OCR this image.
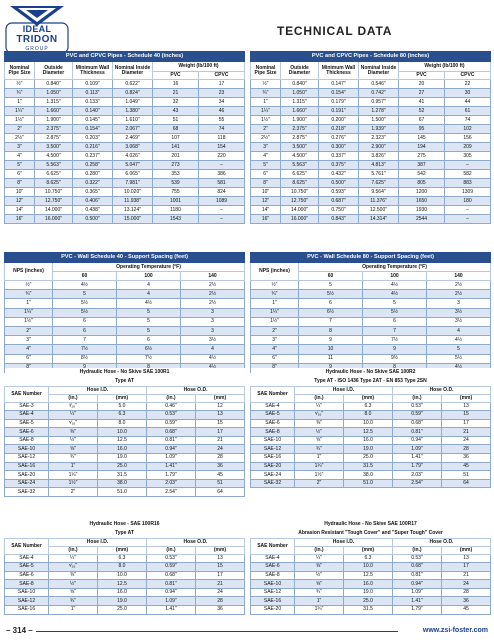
IDEAL
TRIDON
GROUP
TECHNICAL DATA
PVC and CPVC Pipes - Schedule 40 (inches)					
Nominal Pipe Size	Outside Diameter	Minimum Wall Thickness	Nominal Inside Diameter	Weight (lb/100 ft)	
				PVC	CPVC
½"	0.840"	0.109"	0.622"	16	17
¾"	1.050"	0.113"	0.824"	21	23
1"	1.315"	0.133"	1.049"	32	34
1¼"	1.660"	0.140"	1.380"	43	46
1½"	1.900"	0.145"	1.610"	51	55
2"	2.375"	0.154"	2.067"	68	74
2½"	2.875"	0.203"	2.469"	107	118
3"	3.500"	0.216"	3.068"	141	154
4"	4.500"	0.237"	4.026"	201	220
5"	5.563"	0.258"	5.047"	273	–
6"	6.625"	0.280"	6.065"	353	386
8"	8.625"	0.322"	7.981"	539	581
10"	10.750"	0.365"	10.020"	755	824
12"	12.750"	0.406"	11.938"	1001	1089
14"	14.000"	0.438"	13.124"	1180	–
16"	16.000"	0.500"	15.000"	1543	–
PVC and CPVC Pipes - Schedule 80 (inches)					
Nominal Pipe Size	Outside Diameter	Minimum Wall Thickness	Nominal Inside Diameter	Weight (lb/100 ft)	
				PVC	CPVC
½"	0.840"	0.147"	0.546"	20	22
¾"	1.050"	0.154"	0.742"	27	30
1"	1.315"	0.179"	0.957"	41	44
1¼"	1.660"	0.191"	1.278"	52	61
1½"	1.900"	0.200"	1.500"	67	74
2"	2.375"	0.218"	1.939"	95	102
2½"	2.875"	0.276"	2.323"	145	156
3"	3.500"	0.300"	2.900"	194	209
4"	4.500"	0.337"	3.826"	275	305
5"	5.563"	0.375"	4.813"	387	–
6"	6.625"	0.432"	5.761"	542	582
8"	8.625"	0.500"	7.625"	805	883
10"	10.750"	0.593"	9.564"	1200	1309
12"	12.750"	0.687"	11.376"	1650	180
14"	14.000"	0.750"	12.500"	1930	–
16"	16.000"	0.843"	14.314"	2544	–
PVC - Wall Schedule 40 - Support Spacing (feet)			
NPS (inches)	Operating Temperature (°F)		
	60	100	140
½"	4½	4	2½
¾"	5	4	2½
1"	5½	4½	2½
1¼"	5½	5	3
1½"	6	5	3
2"	6	5	3
3"	7	6	3½
4"	7½	6½	4
6"	8½	7½	4½

PVC - Wall Schedule 80 - Support Spacing (feet)			
NPS (inches)	Operating Temperature (°F)		
	60	100	140
½"	5	4½	2½
¾"	5½	4½	2½
1"	6	5	3
1¼"	6½	5½	3½
1½"	7	6	3½
2"	8	7	4
3"	9	7½	4½
4"	10	9	5
6"	11	9½	5½

Hydraulic Hose - No Skive SAE 100R1				
Type AT				
SAE Number	Hose I.D.		Hose O.D.	
	(in.)	(mm)	(in.)	(mm)
SAE-3	³⁄₁₆"	5.0	0.46"	12
SAE-4	¼"	6.3	0.53"	13
SAE-5	⁵⁄₁₆"	8.0	0.59"	15
SAE-6	⅜"	10.0	0.68"	17
SAE-8	½"	12.5	0.81"	21
SAE-10	⅝"	16.0	0.94"	24
SAE-12	¾"	19.0	1.09"	28
SAE-16	1"	25.0	1.41"	36
SAE-20	1¼"	31.5	1.79"	45
SAE-24	1½"	38.0	2.03"	51
SAE-32	2"	51.0	2.54"	64
Hydraulic Hose - No Skive SAE 100R2				
Type AT - ISO 1436 Type 2AT - EN 853 Type 2SN				
SAE Number	Hose I.D.		Hose O.D.	
	(in.)	(mm)	(in.)	(mm)
SAE-4	¼"	6.3	0.53"	13
SAE-5	⁵⁄₁₆"	8.0	0.59"	15
SAE-6	⅜"	10.0	0.68"	17
SAE-8	½"	12.5	0.81"	21
SAE-10	⅝"	16.0	0.94"	24
SAE-12	¾"	19.0	1.09"	28
SAE-16	1"	25.0	1.41"	36
SAE-20	1¼"	31.5	1.79"	45
SAE-24	1½"	38.0	2.03"	51
SAE-32	2"	51.0	2.54"	64
Hydraulic Hose - SAE 100R16				
Type AT				
SAE Number	Hose I.D.		Hose O.D.	
	(in.)	(mm)	(in.)	(mm)
SAE-4	¼"	6.3	0.53"	13
SAE-5	⁵⁄₁₆"	8.0	0.59"	15
SAE-6	⅜"	10.0	0.68"	17
SAE-8	½"	12.5	0.81"	21
SAE-10	⅝"	16.0	0.94"	24
SAE-12	¾"	19.0	1.09"	28
SAE-16	1"	25.0	1.41"	36
Hydraulic Hose - No Skive SAE 100R17				
Abrasion Resistant "Tough Cover" and "Super Tough" Cover				
SAE Number	Hose I.D.		Hose O.D.	
	(in.)	(mm)	(in.)	(mm)
SAE-4	¼"	6.3	0.53"	13
SAE-6	⅜"	10.0	0.68"	17
SAE-8	½"	12.5	0.81"	21
SAE-10	⅝"	16.0	0.94"	24
SAE-12	¾"	19.0	1.09"	28
SAE-16	1"	25.0	1.41"	36
SAE-20	1¼"	31.5	1.79"	45
– 314 –	www.zsi-foster.com
